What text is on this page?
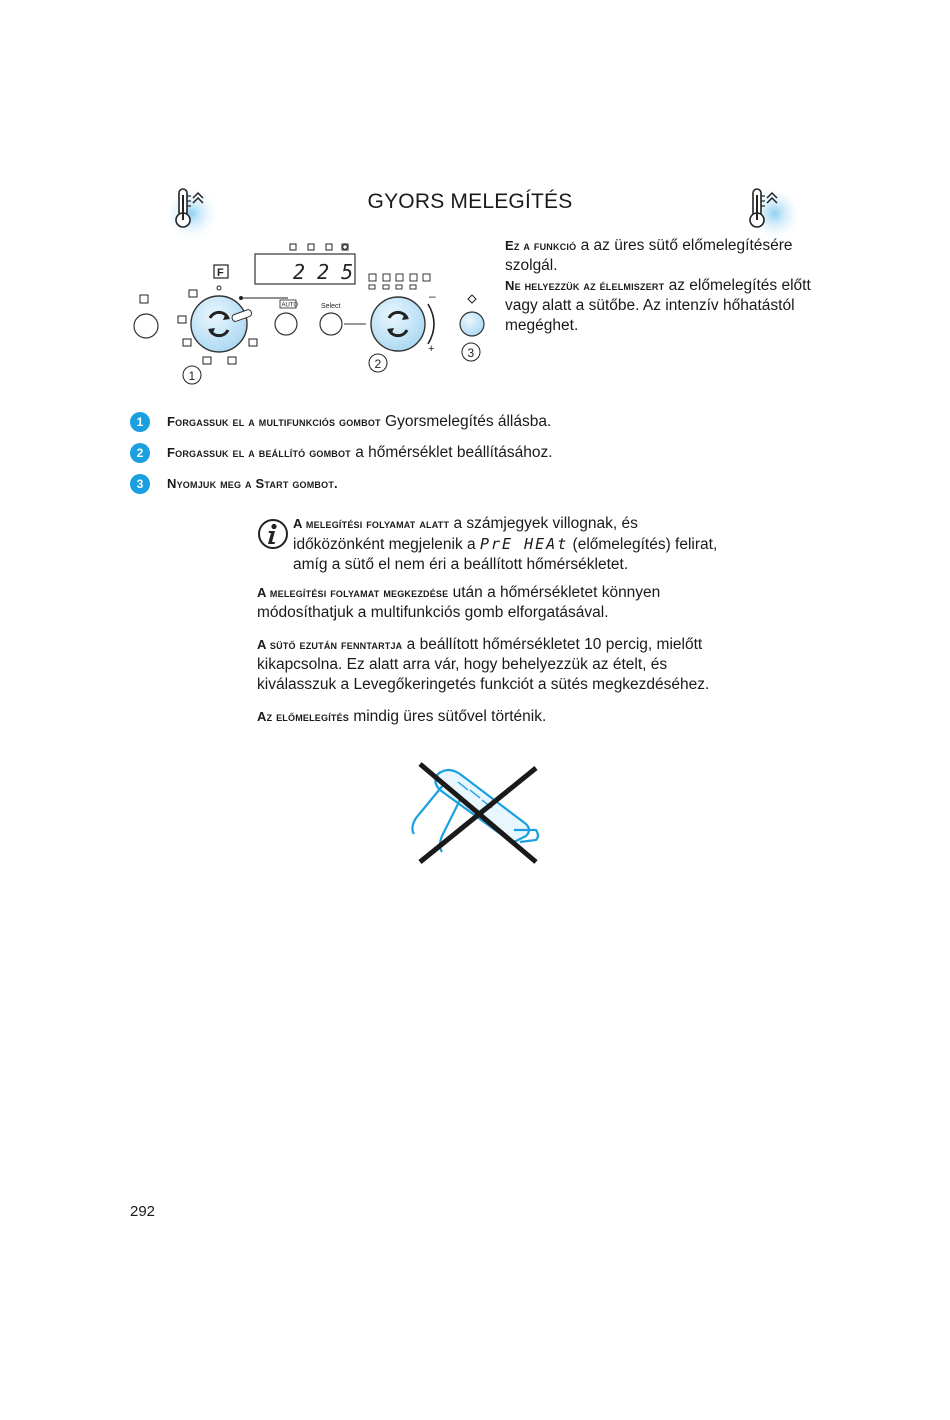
GYORS MELEGÍTÉS
2 2 5
F
AUTO	Select
–
+
1
2
3
Ez a funkció a az üres sütő előmelegítésére szolgál.
Ne helyezzük az élelmiszert az előmelegítés előtt vagy alatt a sütőbe. Az intenzív hőhatástól megéghet.
1	Forgassuk el a multifunkciós gombot Gyorsmelegítés állásba.
2	Forgassuk el a beállító gombot a hőmérséklet beállításához.
3	Nyomjuk meg a Start gombot.
A melegítési folyamat alatt a számjegyek villognak, és időközönként megjelenik a PrE HEAt (előmelegítés) felirat, amíg a sütő el nem éri a beállított hőmérsékletet.
A melegítési folyamat megkezdése után a hőmérsékletet könnyen módosíthatjuk a multifunkciós gomb elforgatásával.
A sütő ezután fenntartja a beállított hőmérsékletet 10 percig, mielőtt kikapcsolna. Ez alatt arra vár, hogy behelyezzük az ételt, és kiválasszuk a Levegőkeringetés funkciót a sütés megkezdéséhez.
Az előmelegítés mindig üres sütővel történik.
292
